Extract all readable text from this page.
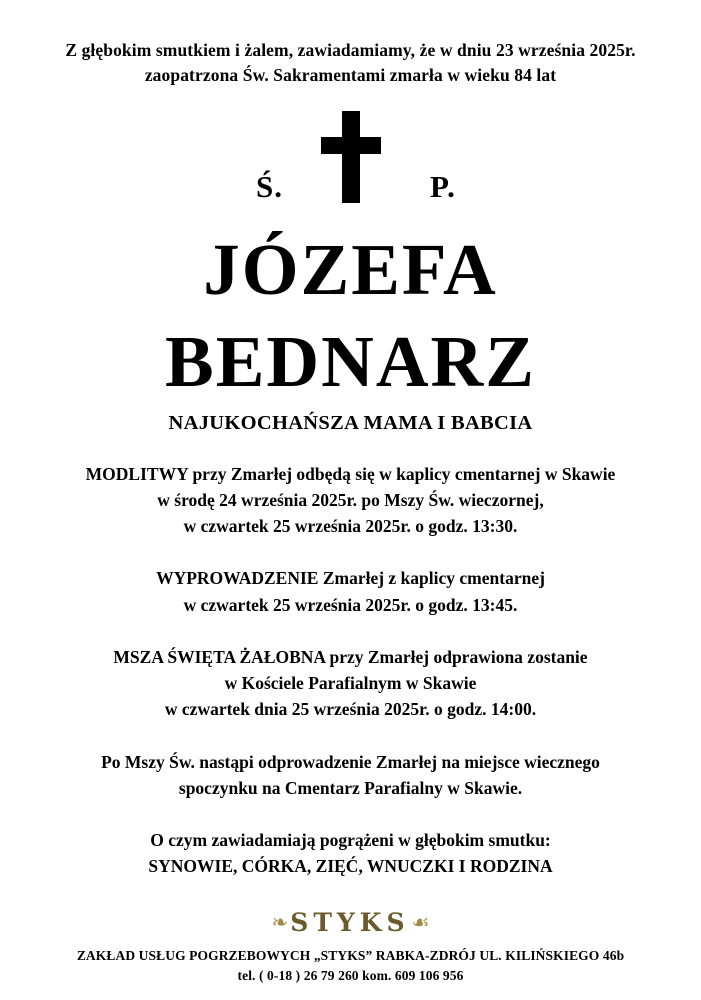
Z głębokim smutkiem i żalem, zawiadamiamy, że w dniu 23 września 2025r.
zaopatrzona Św. Sakramentami zmarła w wieku 84 lat
Ś.	P.
JÓZEFA
BEDNARZ
NAJUKOCHAŃSZA MAMA I BABCIA
MODLITWY przy Zmarłej odbędą się w kaplicy cmentarnej w Skawie
w środę 24 września 2025r. po Mszy Św. wieczornej,
w czwartek 25 września 2025r. o godz. 13:30.
WYPROWADZENIE Zmarłej z kaplicy cmentarnej
w czwartek 25 września 2025r. o godz. 13:45.
MSZA ŚWIĘTA ŻAŁOBNA przy Zmarłej odprawiona zostanie
w Kościele Parafialnym w Skawie
w czwartek dnia 25 września 2025r. o godz. 14:00.
Po Mszy Św. nastąpi odprowadzenie Zmarłej na miejsce wiecznego
spoczynku na Cmentarz Parafialny w Skawie.
O czym zawiadamiają pogrążeni w głębokim smutku:
SYNOWIE, CÓRKA, ZIĘĆ, WNUCZKI I RODZINA
❧ STYKS ☙
ZAKŁAD USŁUG POGRZEBOWYCH „STYKS” RABKA-ZDRÓJ UL. KILIŃSKIEGO 46b
tel. ( 0-18 ) 26 79 260 kom. 609 106 956
